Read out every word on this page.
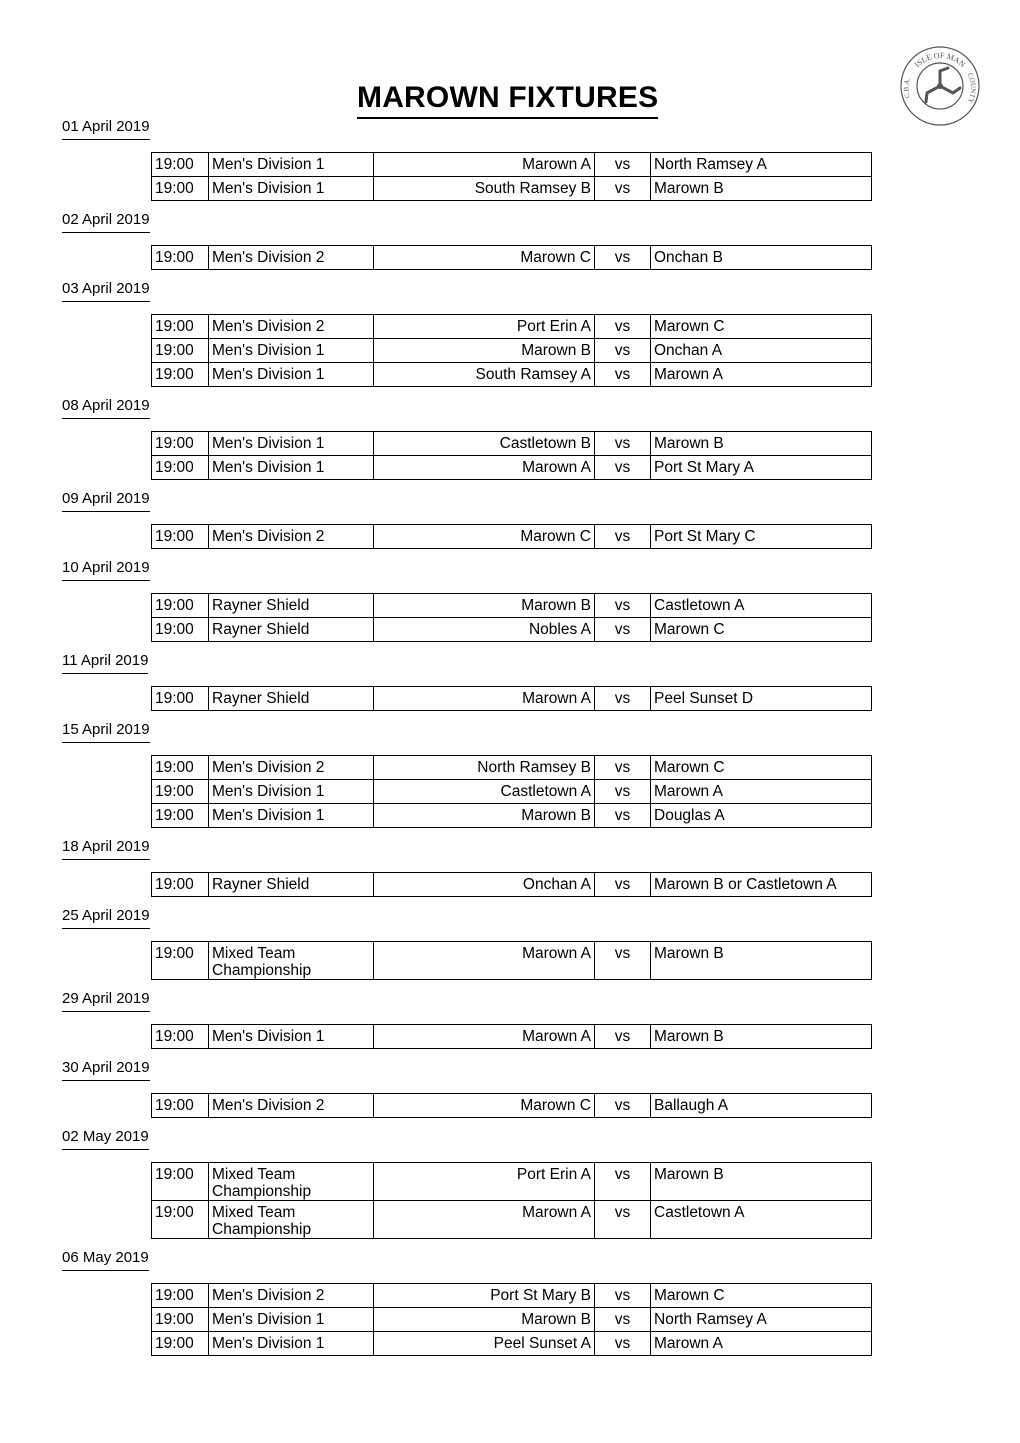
ISLE OF MAN
COUNTY
C.B.A.
MAROWN FIXTURES
01 April 2019
19:00	Men's Division 1	Marown A	vs	North Ramsey A
19:00	Men's Division 1	South Ramsey B	vs	Marown B
02 April 2019
19:00	Men's Division 2	Marown C	vs	Onchan B
03 April 2019
19:00	Men's Division 2	Port Erin A	vs	Marown C
19:00	Men's Division 1	Marown B	vs	Onchan A
19:00	Men's Division 1	South Ramsey A	vs	Marown A
08 April 2019
19:00	Men's Division 1	Castletown B	vs	Marown B
19:00	Men's Division 1	Marown A	vs	Port St Mary A
09 April 2019
19:00	Men's Division 2	Marown C	vs	Port St Mary C
10 April 2019
19:00	Rayner Shield	Marown B	vs	Castletown A
19:00	Rayner Shield	Nobles A	vs	Marown C
11 April 2019
19:00	Rayner Shield	Marown A	vs	Peel Sunset D
15 April 2019
19:00	Men's Division 2	North Ramsey B	vs	Marown C
19:00	Men's Division 1	Castletown A	vs	Marown A
19:00	Men's Division 1	Marown B	vs	Douglas A
18 April 2019
19:00	Rayner Shield	Onchan A	vs	Marown B or Castletown A
25 April 2019
19:00	Mixed Team Championship	Marown A	vs	Marown B
29 April 2019
19:00	Men's Division 1	Marown A	vs	Marown B
30 April 2019
19:00	Men's Division 2	Marown C	vs	Ballaugh A
02 May 2019
19:00	Mixed Team Championship	Port Erin A	vs	Marown B
19:00	Mixed Team Championship	Marown A	vs	Castletown A
06 May 2019
19:00	Men's Division 2	Port St Mary B	vs	Marown C
19:00	Men's Division 1	Marown B	vs	North Ramsey A
19:00	Men's Division 1	Peel Sunset A	vs	Marown A
